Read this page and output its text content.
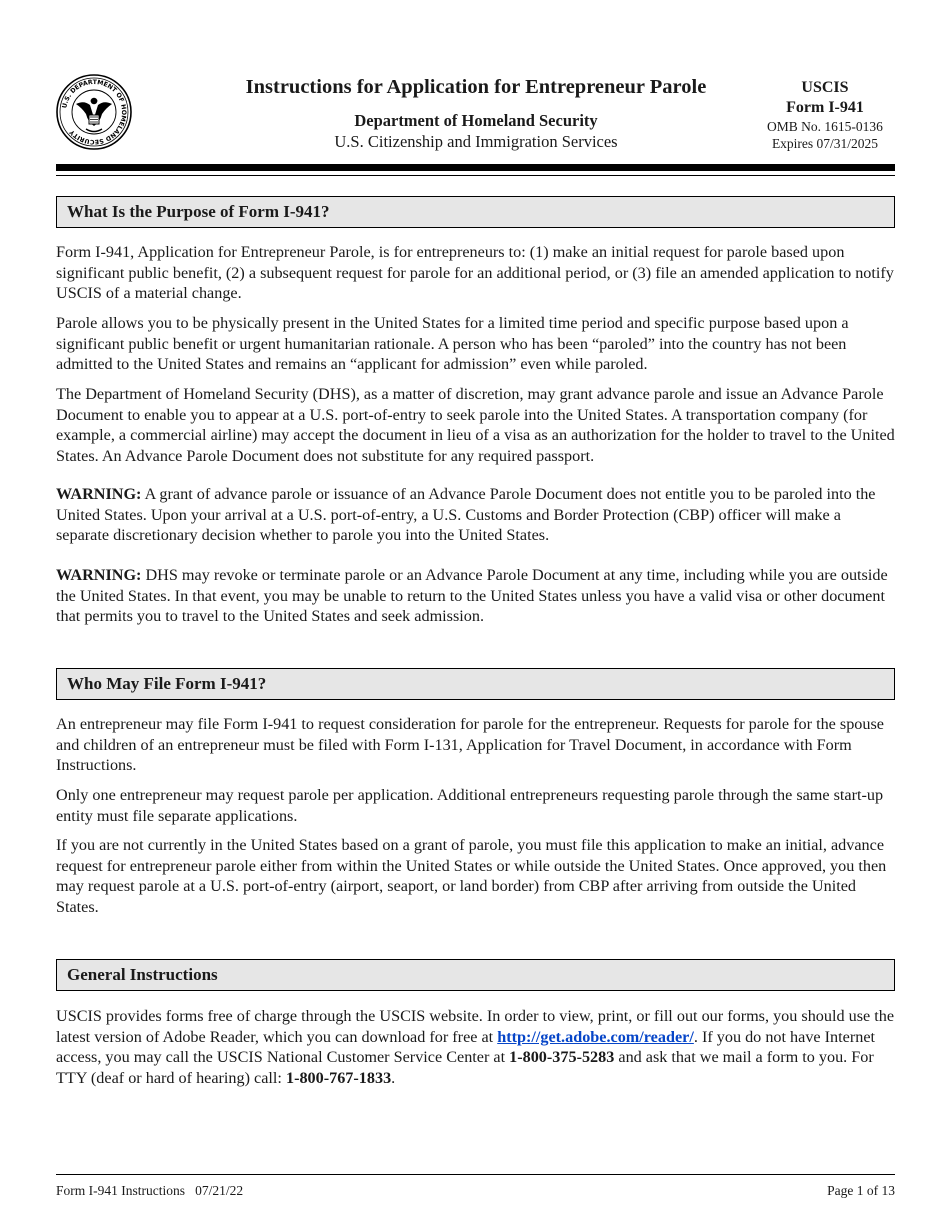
U.S. DEPARTMENT OF HOMELAND SECURITY
Instructions for Application for Entrepreneur Parole
Department of Homeland Security
U.S. Citizenship and Immigration Services
USCIS
Form I-941
OMB No. 1615-0136
Expires 07/31/2025
What Is the Purpose of Form I-941?

Form I-941, Application for Entrepreneur Parole, is for entrepreneurs to: (1) make an initial request for parole based upon significant public benefit, (2) a subsequent request for parole for an additional period, or (3) file an amended application to notify USCIS of a material change.

Parole allows you to be physically present in the United States for a limited time period and specific purpose based upon a significant public benefit or urgent humanitarian rationale. A person who has been “paroled” into the country has not been admitted to the United States and remains an “applicant for admission” even while paroled.

The Department of Homeland Security (DHS), as a matter of discretion, may grant advance parole and issue an Advance Parole Document to enable you to appear at a U.S. port-of-entry to seek parole into the United States. A transportation company (for example, a commercial airline) may accept the document in lieu of a visa as an authorization for the holder to travel to the United States. An Advance Parole Document does not substitute for any required passport.

WARNING: A grant of advance parole or issuance of an Advance Parole Document does not entitle you to be paroled into the United States. Upon your arrival at a U.S. port-of-entry, a U.S. Customs and Border Protection (CBP) officer will make a separate discretionary decision whether to parole you into the United States.

WARNING: DHS may revoke or terminate parole or an Advance Parole Document at any time, including while you are outside the United States. In that event, you may be unable to return to the United States unless you have a valid visa or other document that permits you to travel to the United States and seek admission.

Who May File Form I-941?

An entrepreneur may file Form I-941 to request consideration for parole for the entrepreneur. Requests for parole for the spouse and children of an entrepreneur must be filed with Form I-131, Application for Travel Document, in accordance with Form Instructions.

Only one entrepreneur may request parole per application. Additional entrepreneurs requesting parole through the same start-up entity must file separate applications.

If you are not currently in the United States based on a grant of parole, you must file this application to make an initial, advance request for entrepreneur parole either from within the United States or while outside the United States. Once approved, you then may request parole at a U.S. port-of-entry (airport, seaport, or land border) from CBP after arriving from outside the United States.

General Instructions

USCIS provides forms free of charge through the USCIS website. In order to view, print, or fill out our forms, you should use the latest version of Adobe Reader, which you can download for free at http://get.adobe.com/reader/. If you do not have Internet access, you may call the USCIS National Customer Service Center at 1-800-375-5283 and ask that we mail a form to you. For TTY (deaf or hard of hearing) call: 1-800-767-1833.

Form I-941 Instructions   07/21/22	Page 1 of 13
